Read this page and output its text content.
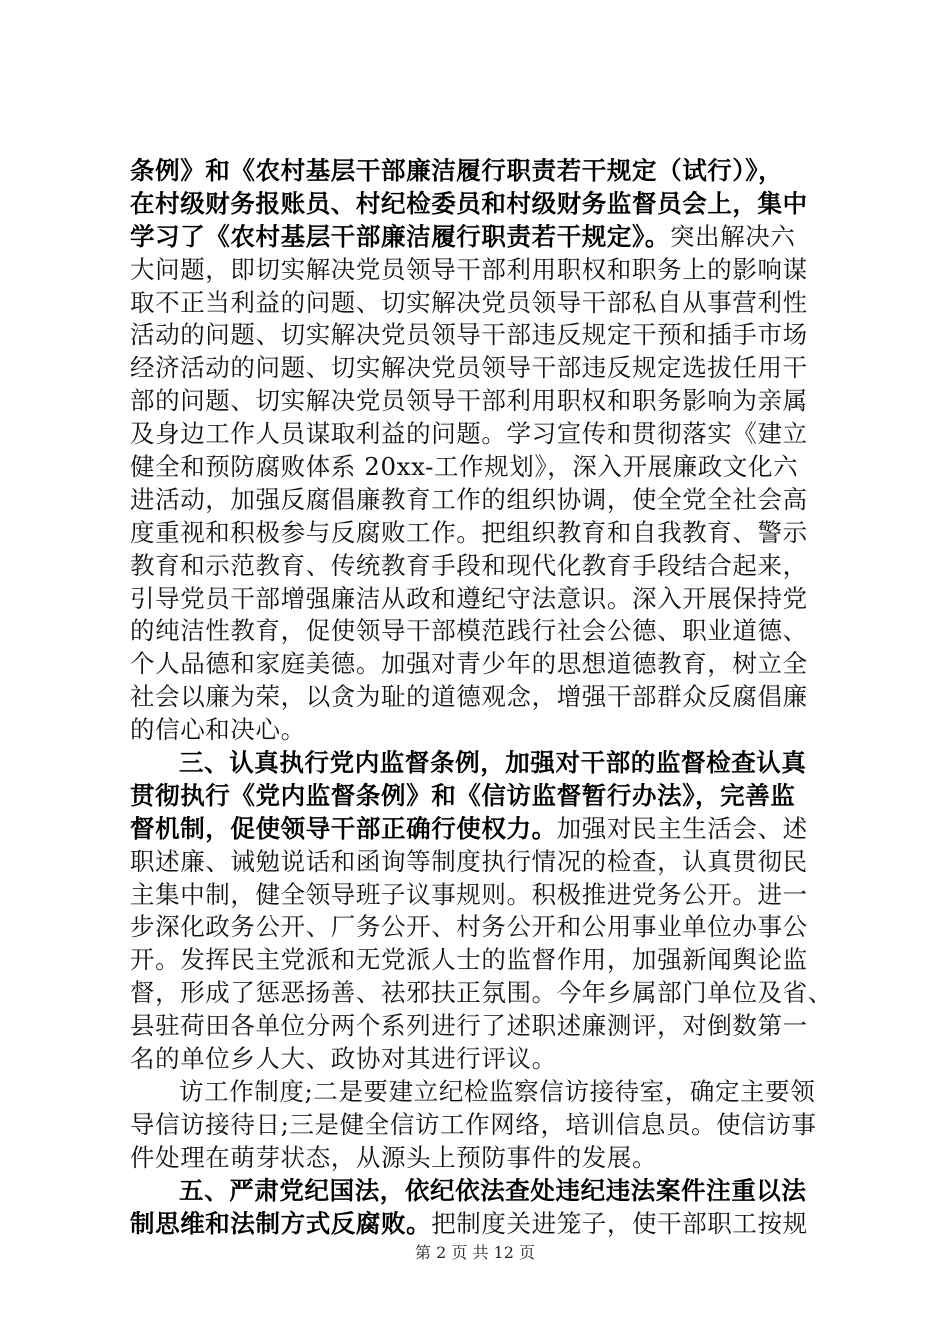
条例》和《农村基层干部廉洁履行职责若干规定（试行）》，
在村级财务报账员、村纪检委员和村级财务监督员会上，集中
学习了《农村基层干部廉洁履行职责若干规定》。突出解决六
大问题，即切实解决党员领导干部利用职权和职务上的影响谋
取不正当利益的问题、切实解决党员领导干部私自从事营利性
活动的问题、切实解决党员领导干部违反规定干预和插手市场
经济活动的问题、切实解决党员领导干部违反规定选拔任用干
部的问题、切实解决党员领导干部利用职权和职务影响为亲属
及身边工作人员谋取利益的问题。学习宣传和贯彻落实《建立
健全和预防腐败体系 20xx-工作规划》，深入开展廉政文化六
进活动，加强反腐倡廉教育工作的组织协调，使全党全社会高
度重视和积极参与反腐败工作。把组织教育和自我教育、警示
教育和示范教育、传统教育手段和现代化教育手段结合起来，
引导党员干部增强廉洁从政和遵纪守法意识。深入开展保持党
的纯洁性教育，促使领导干部模范践行社会公德、职业道德、
个人品德和家庭美德。加强对青少年的思想道德教育，树立全
社会以廉为荣，以贪为耻的道德观念，增强干部群众反腐倡廉
的信心和决心。
三、认真执行党内监督条例，加强对干部的监督检查认真
贯彻执行《党内监督条例》和《信访监督暂行办法》，完善监
督机制，促使领导干部正确行使权力。加强对民主生活会、述
职述廉、诫勉说话和函询等制度执行情况的检查，认真贯彻民
主集中制，健全领导班子议事规则。积极推进党务公开。进一
步深化政务公开、厂务公开、村务公开和公用事业单位办事公
开。发挥民主党派和无党派人士的监督作用，加强新闻舆论监
督，形成了惩恶扬善、祛邪扶正氛围。今年乡属部门单位及省、
县驻荷田各单位分两个系列进行了述职述廉测评，对倒数第一
名的单位乡人大、政协对其进行评议。
访工作制度;二是要建立纪检监察信访接待室，确定主要领
导信访接待日;三是健全信访工作网络，培训信息员。使信访事
件处理在萌芽状态，从源头上预防事件的发展。
五、严肃党纪国法，依纪依法查处违纪违法案件注重以法
制思维和法制方式反腐败。把制度关进笼子，使干部职工按规
第 2 页 共 12 页
